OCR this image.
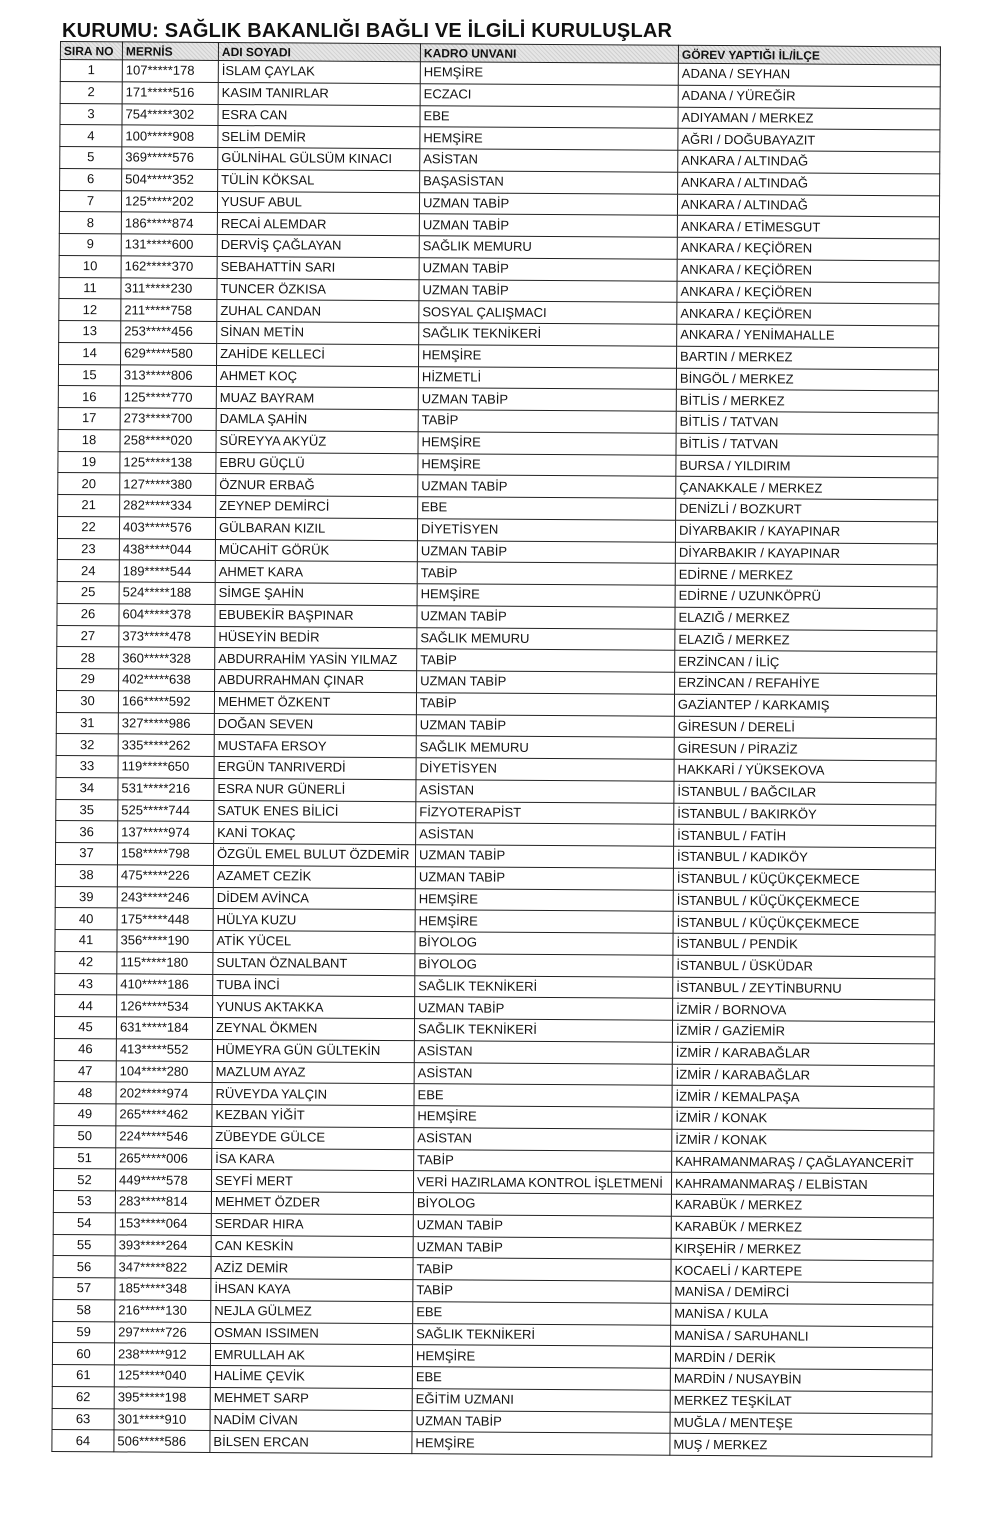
KURUMU: SAĞLIK BAKANLIĞI BAĞLI VE İLGİLİ KURULUŞLAR
SIRA NO	MERNİS	ADI SOYADI	KADRO UNVANI	GÖREV YAPTIĞI İL/İLÇE
1	107*****178	İSLAM ÇAYLAK	HEMŞİRE	ADANA / SEYHAN
2	171*****516	KASIM TANIRLAR	ECZACI	ADANA / YÜREĞİR
3	754*****302	ESRA CAN	EBE	ADIYAMAN / MERKEZ
4	100*****908	SELİM DEMİR	HEMŞİRE	AĞRI / DOĞUBAYAZIT
5	369*****576	GÜLNİHAL GÜLSÜM KINACI	ASİSTAN	ANKARA / ALTINDAĞ
6	504*****352	TÜLİN KÖKSAL	BAŞASİSTAN	ANKARA / ALTINDAĞ
7	125*****202	YUSUF ABUL	UZMAN TABİP	ANKARA / ALTINDAĞ
8	186*****874	RECAİ ALEMDAR	UZMAN TABİP	ANKARA / ETİMESGUT
9	131*****600	DERVİŞ ÇAĞLAYAN	SAĞLIK MEMURU	ANKARA / KEÇİÖREN
10	162*****370	SEBAHATTİN SARI	UZMAN TABİP	ANKARA / KEÇİÖREN
11	311*****230	TUNCER ÖZKISA	UZMAN TABİP	ANKARA / KEÇİÖREN
12	211*****758	ZUHAL CANDAN	SOSYAL ÇALIŞMACI	ANKARA / KEÇİÖREN
13	253*****456	SİNAN METİN	SAĞLIK TEKNİKERİ	ANKARA / YENİMAHALLE
14	629*****580	ZAHİDE KELLECİ	HEMŞİRE	BARTIN / MERKEZ
15	313*****806	AHMET KOÇ	HİZMETLİ	BİNGÖL / MERKEZ
16	125*****770	MUAZ BAYRAM	UZMAN TABİP	BİTLİS / MERKEZ
17	273*****700	DAMLA ŞAHİN	TABİP	BİTLİS / TATVAN
18	258*****020	SÜREYYA AKYÜZ	HEMŞİRE	BİTLİS / TATVAN
19	125*****138	EBRU GÜÇLÜ	HEMŞİRE	BURSA / YILDIRIM
20	127*****380	ÖZNUR ERBAĞ	UZMAN TABİP	ÇANAKKALE / MERKEZ
21	282*****334	ZEYNEP DEMİRCİ	EBE	DENİZLİ / BOZKURT
22	403*****576	GÜLBARAN KIZIL	DİYETİSYEN	DİYARBAKIR / KAYAPINAR
23	438*****044	MÜCAHİT GÖRÜK	UZMAN TABİP	DİYARBAKIR / KAYAPINAR
24	189*****544	AHMET KARA	TABİP	EDİRNE / MERKEZ
25	524*****188	SİMGE ŞAHİN	HEMŞİRE	EDİRNE / UZUNKÖPRÜ
26	604*****378	EBUBEKİR BAŞPINAR	UZMAN TABİP	ELAZIĞ / MERKEZ
27	373*****478	HÜSEYİN BEDİR	SAĞLIK MEMURU	ELAZIĞ / MERKEZ
28	360*****328	ABDURRAHİM YASİN YILMAZ	TABİP	ERZİNCAN / İLİÇ
29	402*****638	ABDURRAHMAN ÇINAR	UZMAN TABİP	ERZİNCAN / REFAHİYE
30	166*****592	MEHMET ÖZKENT	TABİP	GAZİANTEP / KARKAMIŞ
31	327*****986	DOĞAN SEVEN	UZMAN TABİP	GİRESUN / DERELİ
32	335*****262	MUSTAFA ERSOY	SAĞLIK MEMURU	GİRESUN / PİRAZİZ
33	119*****650	ERGÜN TANRIVERDİ	DİYETİSYEN	HAKKARİ / YÜKSEKOVA
34	531*****216	ESRA NUR GÜNERLİ	ASİSTAN	İSTANBUL / BAĞCILAR
35	525*****744	SATUK ENES BİLİCİ	FİZYOTERAPİST	İSTANBUL / BAKIRKÖY
36	137*****974	KANİ TOKAÇ	ASİSTAN	İSTANBUL / FATİH
37	158*****798	ÖZGÜL EMEL BULUT ÖZDEMİR	UZMAN TABİP	İSTANBUL / KADIKÖY
38	475*****226	AZAMET CEZİK	UZMAN TABİP	İSTANBUL / KÜÇÜKÇEKMECE
39	243*****246	DİDEM AVİNCA	HEMŞİRE	İSTANBUL / KÜÇÜKÇEKMECE
40	175*****448	HÜLYA KUZU	HEMŞİRE	İSTANBUL / KÜÇÜKÇEKMECE
41	356*****190	ATİK YÜCEL	BİYOLOG	İSTANBUL / PENDİK
42	115*****180	SULTAN ÖZNALBANT	BİYOLOG	İSTANBUL / ÜSKÜDAR
43	410*****186	TUBA İNCİ	SAĞLIK TEKNİKERİ	İSTANBUL / ZEYTİNBURNU
44	126*****534	YUNUS AKTAKKA	UZMAN TABİP	İZMİR / BORNOVA
45	631*****184	ZEYNAL ÖKMEN	SAĞLIK TEKNİKERİ	İZMİR / GAZİEMİR
46	413*****552	HÜMEYRA GÜN GÜLTEKİN	ASİSTAN	İZMİR / KARABAĞLAR
47	104*****280	MAZLUM AYAZ	ASİSTAN	İZMİR / KARABAĞLAR
48	202*****974	RÜVEYDA YALÇIN	EBE	İZMİR / KEMALPAŞA
49	265*****462	KEZBAN YİĞİT	HEMŞİRE	İZMİR / KONAK
50	224*****546	ZÜBEYDE GÜLCE	ASİSTAN	İZMİR / KONAK
51	265*****006	İSA KARA	TABİP	KAHRAMANMARAŞ / ÇAĞLAYANCERİT
52	449*****578	SEYFİ MERT	VERİ HAZIRLAMA KONTROL İŞLETMENİ	KAHRAMANMARAŞ / ELBİSTAN
53	283*****814	MEHMET ÖZDER	BİYOLOG	KARABÜK / MERKEZ
54	153*****064	SERDAR HIRA	UZMAN TABİP	KARABÜK / MERKEZ
55	393*****264	CAN KESKİN	UZMAN TABİP	KIRŞEHİR / MERKEZ
56	347*****822	AZİZ DEMİR	TABİP	KOCAELİ / KARTEPE
57	185*****348	İHSAN KAYA	TABİP	MANİSA / DEMİRCİ
58	216*****130	NEJLA GÜLMEZ	EBE	MANİSA / KULA
59	297*****726	OSMAN ISSIMEN	SAĞLIK TEKNİKERİ	MANİSA / SARUHANLI
60	238*****912	EMRULLAH AK	HEMŞİRE	MARDİN / DERİK
61	125*****040	HALİME ÇEVİK	EBE	MARDİN / NUSAYBİN
62	395*****198	MEHMET SARP	EĞİTİM UZMANI	MERKEZ TEŞKİLAT
63	301*****910	NADİM CİVAN	UZMAN TABİP	MUĞLA / MENTEŞE
64	506*****586	BİLSEN ERCAN	HEMŞİRE	MUŞ / MERKEZ
